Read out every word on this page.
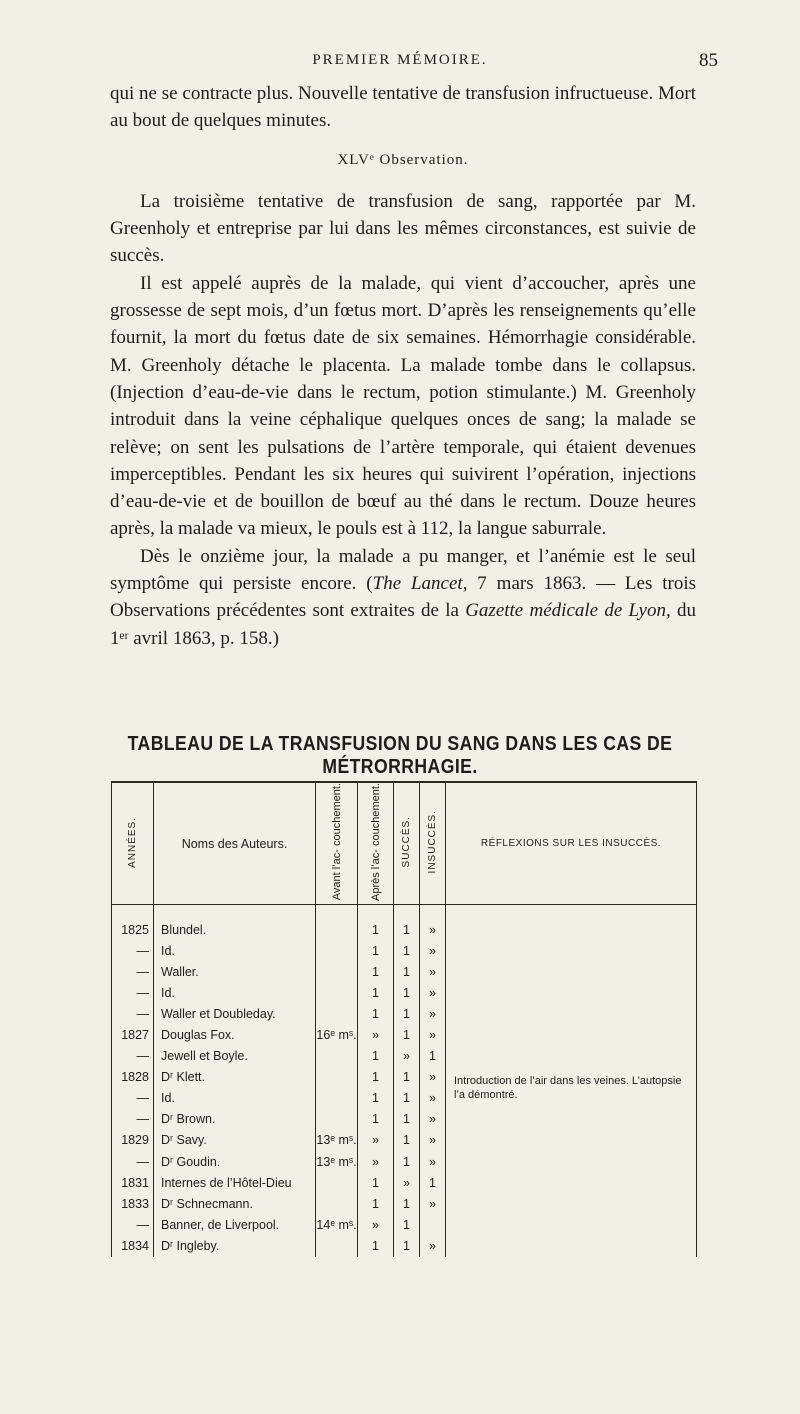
PREMIER MÉMOIRE.	85

qui ne se contracte plus. Nouvelle tentative de transfusion infructueuse. Mort au bout de quelques minutes.

XLVᵉ Observation.

La troisième tentative de transfusion de sang, rapportée par M. Greenholy et entreprise par lui dans les mêmes circonstances, est suivie de succès.

Il est appelé auprès de la malade, qui vient d’accoucher, après une grossesse de sept mois, d’un fœtus mort. D’après les renseignements qu’elle fournit, la mort du fœtus date de six semaines. Hémorrhagie considérable. M. Greenholy détache le placenta. La malade tombe dans le collapsus. (Injection d’eau-de-vie dans le rectum, potion stimulante.) M. Greenholy introduit dans la veine céphalique quelques onces de sang; la malade se relève; on sent les pulsations de l’artère temporale, qui étaient devenues imperceptibles. Pendant les six heures qui suivirent l’opération, injections d’eau-de-vie et de bouillon de bœuf au thé dans le rectum. Douze heures après, la malade va mieux, le pouls est à 112, la langue saburrale.

Dès le onzième jour, la malade a pu manger, et l’anémie est le seul symptôme qui persiste encore. (The Lancet, 7 mars 1863. — Les trois Observations précédentes sont extraites de la Gazette médicale de Lyon, du 1ᵉʳ avril 1863, p. 158.)

TABLEAU DE LA TRANSFUSION DU SANG DANS LES CAS DE MÉTRORRHAGIE.
ANNÉES.	Noms des Auteurs.	Avant l’ac- couchement.	Après l’ac- couchement.	SUCCÈS.	INSUCCÈS.	RÉFLEXIONS SUR LES INSUCCÈS.
1825	Blundel.		1	1	»	Introduction de l’air dans les veines. L’autopsie l’a démontré.

—	Id.		1	1	»	
—	Waller.		1	1	»	
—	Id.		1	1	»	
—	Waller et Doubleday.		1	1	»	
1827	Douglas Fox.	16ᵉ mˢ.	»	1	»	
—	Jewell et Boyle.		1	»	1	
1828	Dʳ Klett.		1	1	»	
—	Id.		1	1	»	
—	Dʳ Brown.		1	1	»	
1829	Dʳ Savy.	13ᵉ mˢ.	»	1	»	
—	Dʳ Goudin.	13ᵉ mˢ.	»	1	»	
1831	Internes de l’Hôtel-Dieu		1	»	1	
1833	Dʳ Schnecmann.		1	1	»	
—	Banner, de Liverpool.	14ᵉ mˢ.	»	1		
1834	Dʳ Ingleby.		1	1	»	
